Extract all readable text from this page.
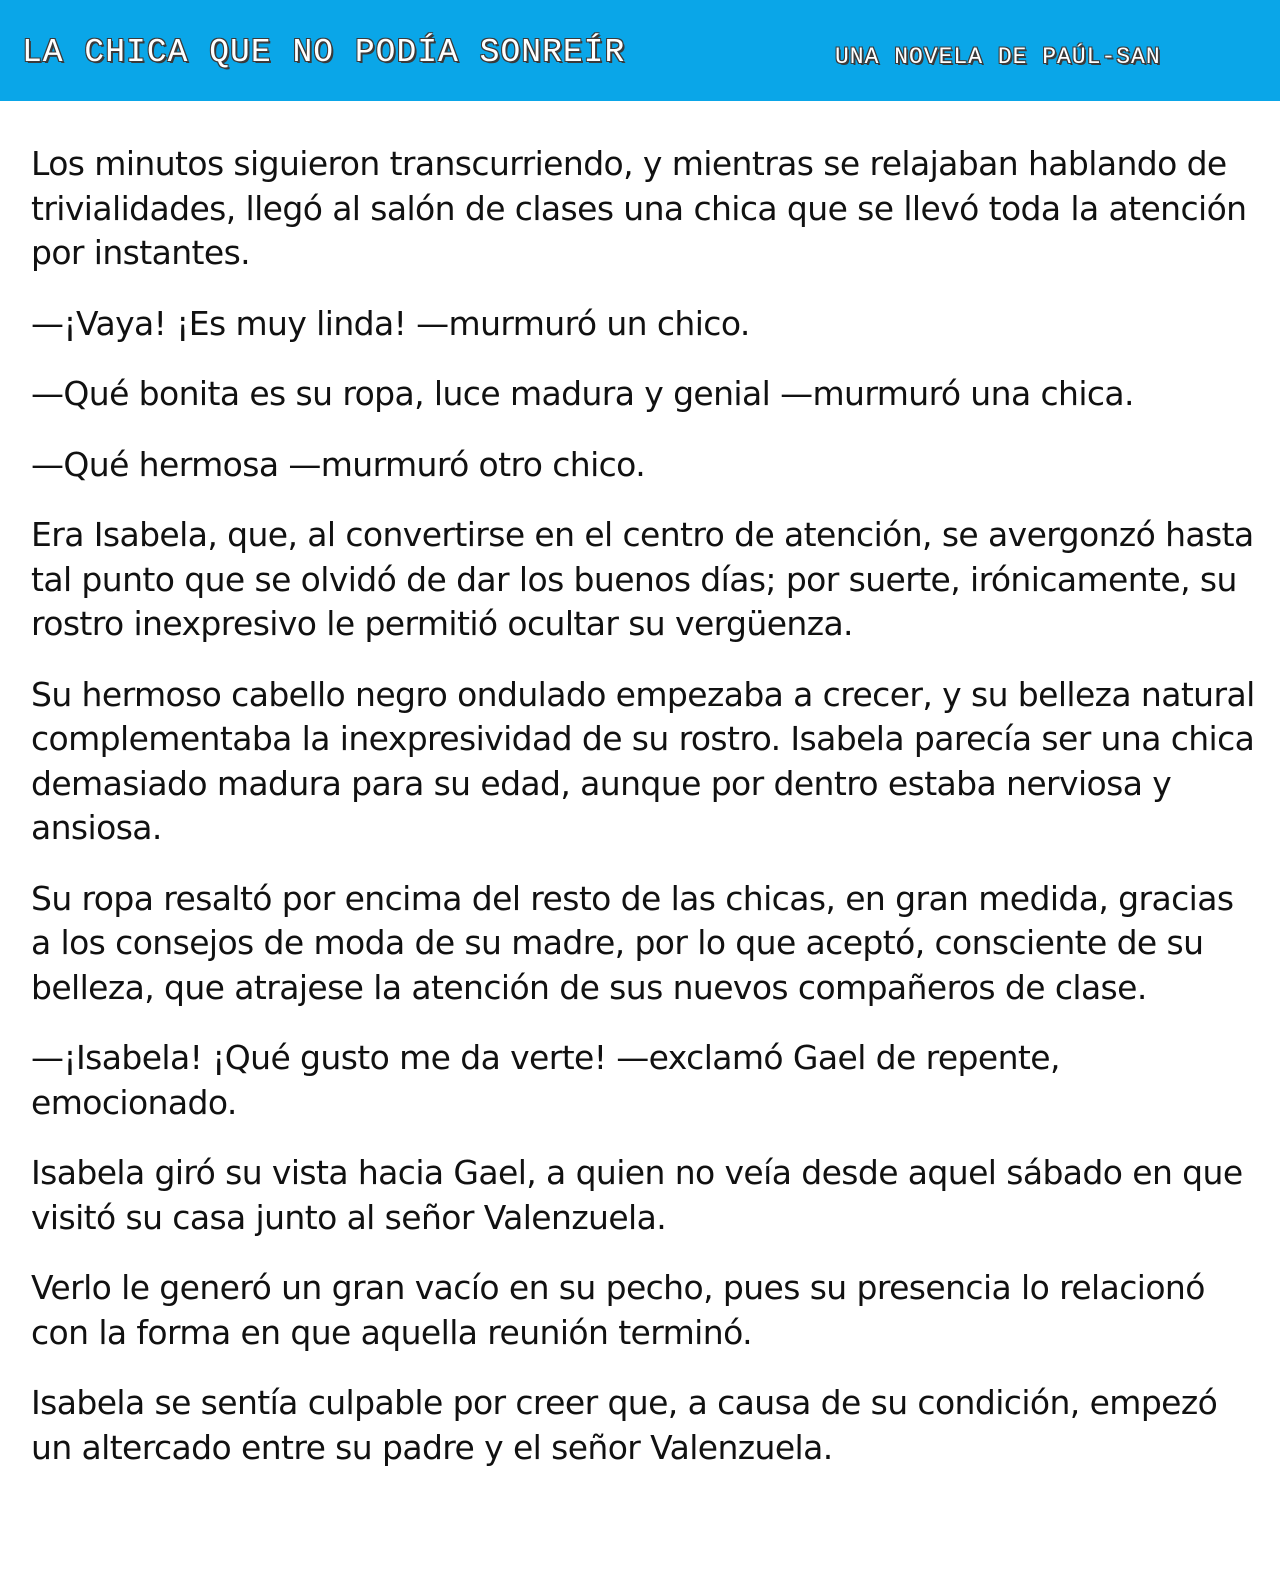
LA CHICA QUE NO PODÍA SONREÍR	UNA NOVELA DE PAÚL-SAN

Los minutos siguieron transcurriendo, y mientras se relajaban hablando de trivialidades, llegó al salón de clases una chica que se llevó toda la atención por instantes.

—¡Vaya! ¡Es muy linda! —murmuró un chico.

—Qué bonita es su ropa, luce madura y genial —murmuró una chica.

—Qué hermosa —murmuró otro chico.

Era Isabela, que, al convertirse en el centro de atención, se avergonzó hasta tal punto que se olvidó de dar los buenos días; por suerte, irónicamente, su rostro inexpresivo le permitió ocultar su vergüenza.

Su hermoso cabello negro ondulado empezaba a crecer, y su belleza natural complementaba la inexpresividad de su rostro. Isabela parecía ser una chica demasiado madura para su edad, aunque por dentro estaba nerviosa y ansiosa.

Su ropa resaltó por encima del resto de las chicas, en gran medida, gracias a los consejos de moda de su madre, por lo que aceptó, consciente de su belleza, que atrajese la atención de sus nuevos compañeros de clase.

—¡Isabela! ¡Qué gusto me da verte! —exclamó Gael de repente, emocionado.

Isabela giró su vista hacia Gael, a quien no veía desde aquel sábado en que visitó su casa junto al señor Valenzuela.

Verlo le generó un gran vacío en su pecho, pues su presencia lo relacionó con la forma en que aquella reunión terminó.

Isabela se sentía culpable por creer que, a causa de su condición, empezó un altercado entre su padre y el señor Valenzuela.
